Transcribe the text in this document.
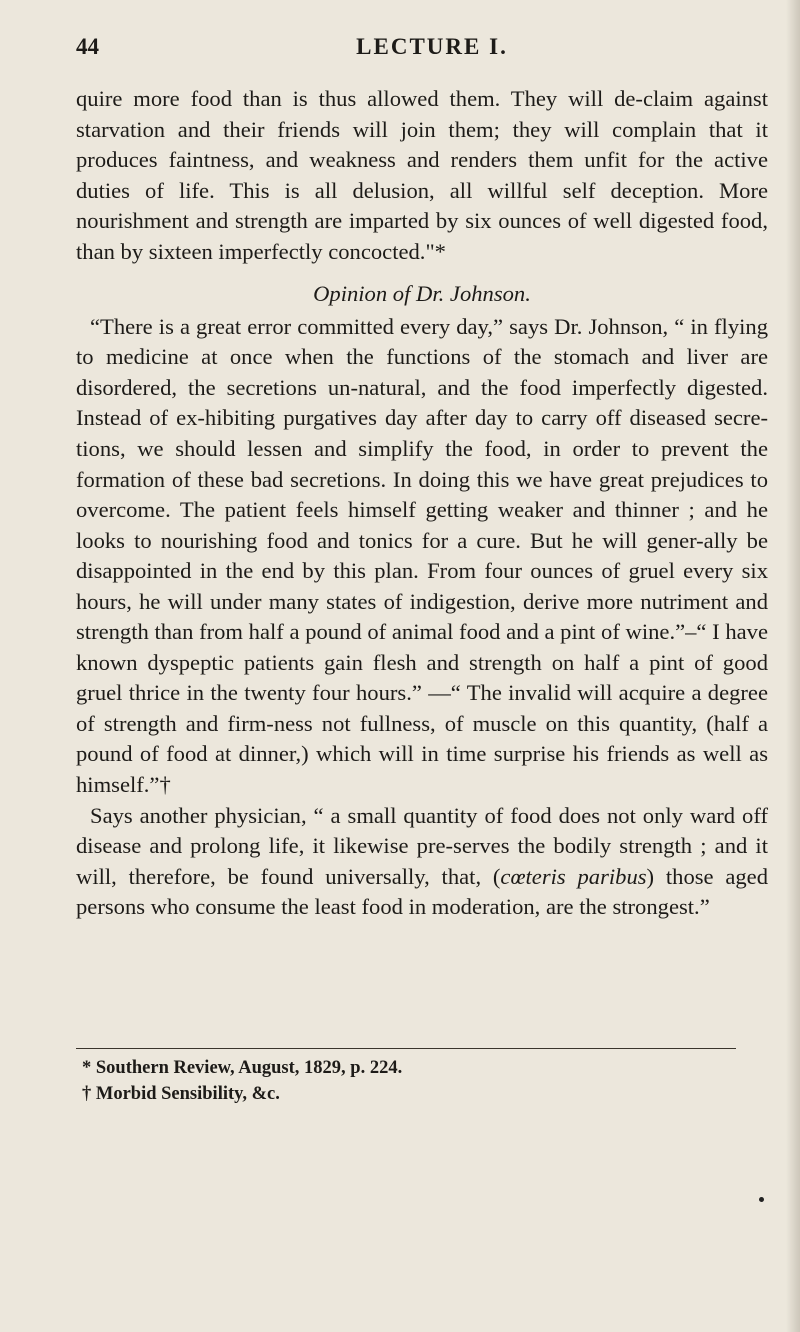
44	LECTURE I.

quire more food than is thus allowed them. They will de-claim against starvation and their friends will join them; they will complain that it produces faintness, and weakness and renders them unfit for the active duties of life. This is all delusion, all willful self deception. More nourishment and strength are imparted by six ounces of well digested food, than by sixteen imperfectly concocted."*

Opinion of Dr. Johnson.

“There is a great error committed every day,” says Dr. Johnson, “ in flying to medicine at once when the functions of the stomach and liver are disordered, the secretions un-natural, and the food imperfectly digested. Instead of ex-hibiting purgatives day after day to carry off diseased secre-tions, we should lessen and simplify the food, in order to prevent the formation of these bad secretions. In doing this we have great prejudices to overcome. The patient feels himself getting weaker and thinner ; and he looks to nourishing food and tonics for a cure. But he will gener-ally be disappointed in the end by this plan. From four ounces of gruel every six hours, he will under many states of indigestion, derive more nutriment and strength than from half a pound of animal food and a pint of wine.”–“ I have known dyspeptic patients gain flesh and strength on half a pint of good gruel thrice in the twenty four hours.” —“ The invalid will acquire a degree of strength and firm-ness not fullness, of muscle on this quantity, (half a pound of food at dinner,) which will in time surprise his friends as well as himself.”†

Says another physician, “ a small quantity of food does not only ward off disease and prolong life, it likewise pre-serves the bodily strength ; and it will, therefore, be found universally, that, (cœteris paribus) those aged persons who consume the least food in moderation, are the strongest.”

* Southern Review, August, 1829, p. 224.

† Morbid Sensibility, &c.
